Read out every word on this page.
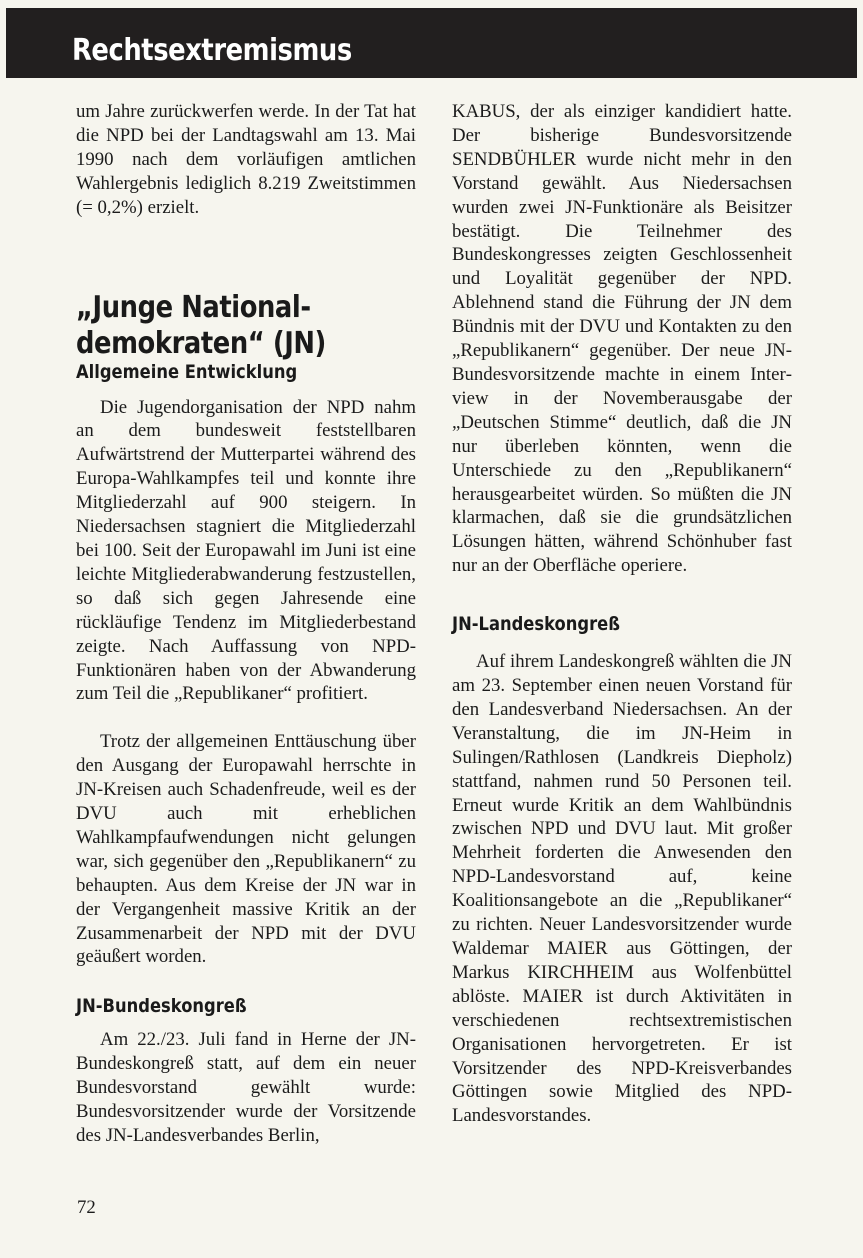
Rechtsextremismus

um Jahre zurückwerfen werde. In der Tat hat die NPD bei der Landtagswahl am 13. Mai 1990 nach dem vorläufigen amtlichen Wahlergebnis lediglich 8.219 Zweitstimmen (= 0,2%) erzielt.

„Junge National-
demokraten“ (JN)
Allgemeine Entwicklung

Die Jugendorganisation der NPD nahm an dem bundesweit feststellbaren Aufwärtstrend der Mutterpartei während des Europa-Wahlkampfes teil und konnte ihre Mitgliederzahl auf 900 steigern. In Niedersachsen stagniert die Mitgliederzahl bei 100. Seit der Europawahl im Juni ist eine leichte Mitgliederabwanderung festzustellen, so daß sich gegen Jahresende eine rückläufige Tendenz im Mitgliederbestand zeigte. Nach Auffassung von NPD-Funktionären haben von der Abwanderung zum Teil die „Republikaner“ profitiert.

Trotz der allgemeinen Enttäuschung über den Ausgang der Europawahl herrschte in JN-Kreisen auch Schadenfreude, weil es der DVU auch mit erheblichen Wahlkampfaufwendungen nicht gelungen war, sich gegenüber den „Republikanern“ zu behaupten. Aus dem Kreise der JN war in der Vergangenheit massive Kritik an der Zusammenarbeit der NPD mit der DVU geäußert worden.

JN-Bundeskongreß

Am 22./23. Juli fand in Herne der JN-Bundeskongreß statt, auf dem ein neuer Bundesvorstand gewählt wurde: Bundesvorsitzender wurde der Vorsitzende des JN-Landesverbandes Berlin,

KABUS, der als einziger kandidiert hatte. Der bisherige Bundesvorsitzende SENDBÜHLER wurde nicht mehr in den Vorstand gewählt. Aus Niedersachsen wurden zwei JN-Funktionäre als Beisitzer bestätigt. Die Teilnehmer des Bundeskongresses zeigten Geschlossenheit und Loyalität gegenüber der NPD. Ablehnend stand die Führung der JN dem Bündnis mit der DVU und Kontakten zu den „Republikanern“ gegenüber. Der neue JN-Bundesvorsitzende machte in einem Interview in der Novemberausgabe der „Deutschen Stimme“ deutlich, daß die JN nur überleben könnten, wenn die Unterschiede zu den „Republikanern“ herausgearbeitet würden. So müßten die JN klarmachen, daß sie die grundsätzlichen Lösungen hätten, während Schönhuber fast nur an der Oberfläche operiere.

JN-Landeskongreß

Auf ihrem Landeskongreß wählten die JN am 23. September einen neuen Vorstand für den Landesverband Niedersachsen. An der Veranstaltung, die im JN-Heim in Sulingen/Rathlosen (Landkreis Diepholz) stattfand, nahmen rund 50 Personen teil. Erneut wurde Kritik an dem Wahlbündnis zwischen NPD und DVU laut. Mit großer Mehrheit forderten die Anwesenden den NPD-Landesvorstand auf, keine Koalitionsangebote an die „Republikaner“ zu richten. Neuer Landesvorsitzender wurde Waldemar MAIER aus Göttingen, der Markus KIRCHHEIM aus Wolfenbüttel ablöste. MAIER ist durch Aktivitäten in verschiedenen rechtsextremistischen Organisationen hervorgetreten. Er ist Vorsitzender des NPD-Kreisverbandes Göttingen sowie Mitglied des NPD-Landesvorstandes.

72
